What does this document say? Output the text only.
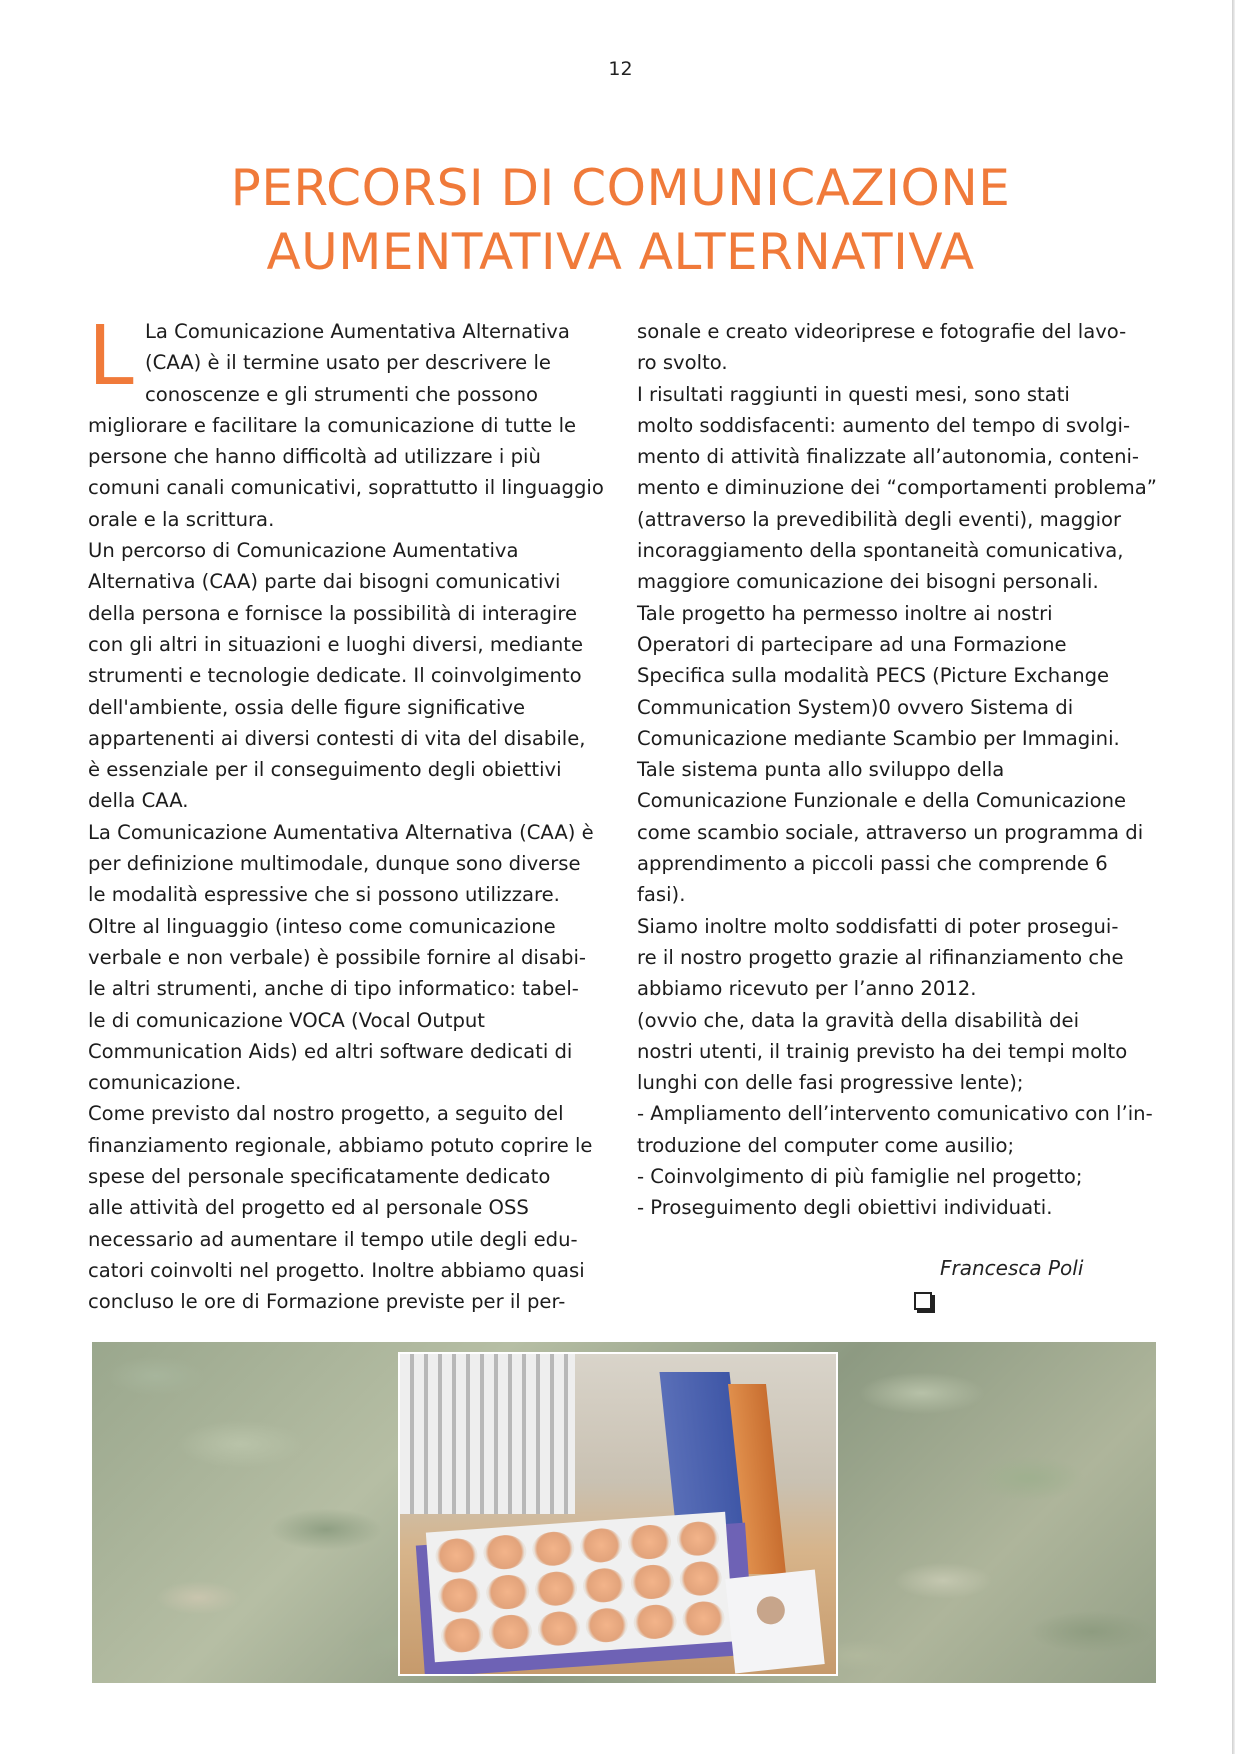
12
PERCORSI DI COMUNICAZIONE
AUMENTATIVA ALTERNATIVA
L La Comunicazione Aumentativa Alternativa

(CAA) è il termine usato per descrivere le

conoscenze e gli strumenti che possono

migliorare e facilitare la comunicazione di tutte le

persone che hanno difficoltà ad utilizzare i più

comuni canali comunicativi, soprattutto il linguaggio

orale e la scrittura.

Un percorso di Comunicazione Aumentativa

Alternativa (CAA) parte dai bisogni comunicativi

della persona e fornisce la possibilità di interagire

con gli altri in situazioni e luoghi diversi, mediante

strumenti e tecnologie dedicate. Il coinvolgimento

dell'ambiente, ossia delle figure significative

appartenenti ai diversi contesti di vita del disabile,

è essenziale per il conseguimento degli obiettivi

della CAA.

La Comunicazione Aumentativa Alternativa (CAA) è

per definizione multimodale, dunque sono diverse

le modalità espressive che si possono utilizzare.

Oltre al linguaggio (inteso come comunicazione

verbale e non verbale) è possibile fornire al disabi-

le altri strumenti, anche di tipo informatico: tabel-

le di comunicazione VOCA (Vocal Output

Communication Aids) ed altri software dedicati di

comunicazione.

Come previsto dal nostro progetto, a seguito del

finanziamento regionale, abbiamo potuto coprire le

spese del personale specificatamente dedicato

alle attività del progetto ed al personale OSS

necessario ad aumentare il tempo utile degli edu-

catori coinvolti nel progetto. Inoltre abbiamo quasi

concluso le ore di Formazione previste per il per-

sonale e creato videoriprese e fotografie del lavo-

ro svolto.

I risultati raggiunti in questi mesi, sono stati

molto soddisfacenti: aumento del tempo di svolgi-

mento di attività finalizzate all’autonomia, conteni-

mento e diminuzione dei “comportamenti problema”

(attraverso la prevedibilità degli eventi), maggior

incoraggiamento della spontaneità comunicativa,

maggiore comunicazione dei bisogni personali.

Tale progetto ha permesso inoltre ai nostri

Operatori di partecipare ad una Formazione

Specifica sulla modalità PECS (Picture Exchange

Communication System)0 ovvero Sistema di

Comunicazione mediante Scambio per Immagini.

Tale sistema punta allo sviluppo della

Comunicazione Funzionale e della Comunicazione

come scambio sociale, attraverso un programma di

apprendimento a piccoli passi che comprende 6

fasi).

Siamo inoltre molto soddisfatti di poter prosegui-

re il nostro progetto grazie al rifinanziamento che

abbiamo ricevuto per l’anno 2012.

(ovvio che, data la gravità della disabilità dei

nostri utenti, il trainig previsto ha dei tempi molto

lunghi con delle fasi progressive lente);

- Ampliamento dell’intervento comunicativo con l’in-

troduzione del computer come ausilio;

- Coinvolgimento di più famiglie nel progetto;

- Proseguimento degli obiettivi individuati.

Francesca Poli
